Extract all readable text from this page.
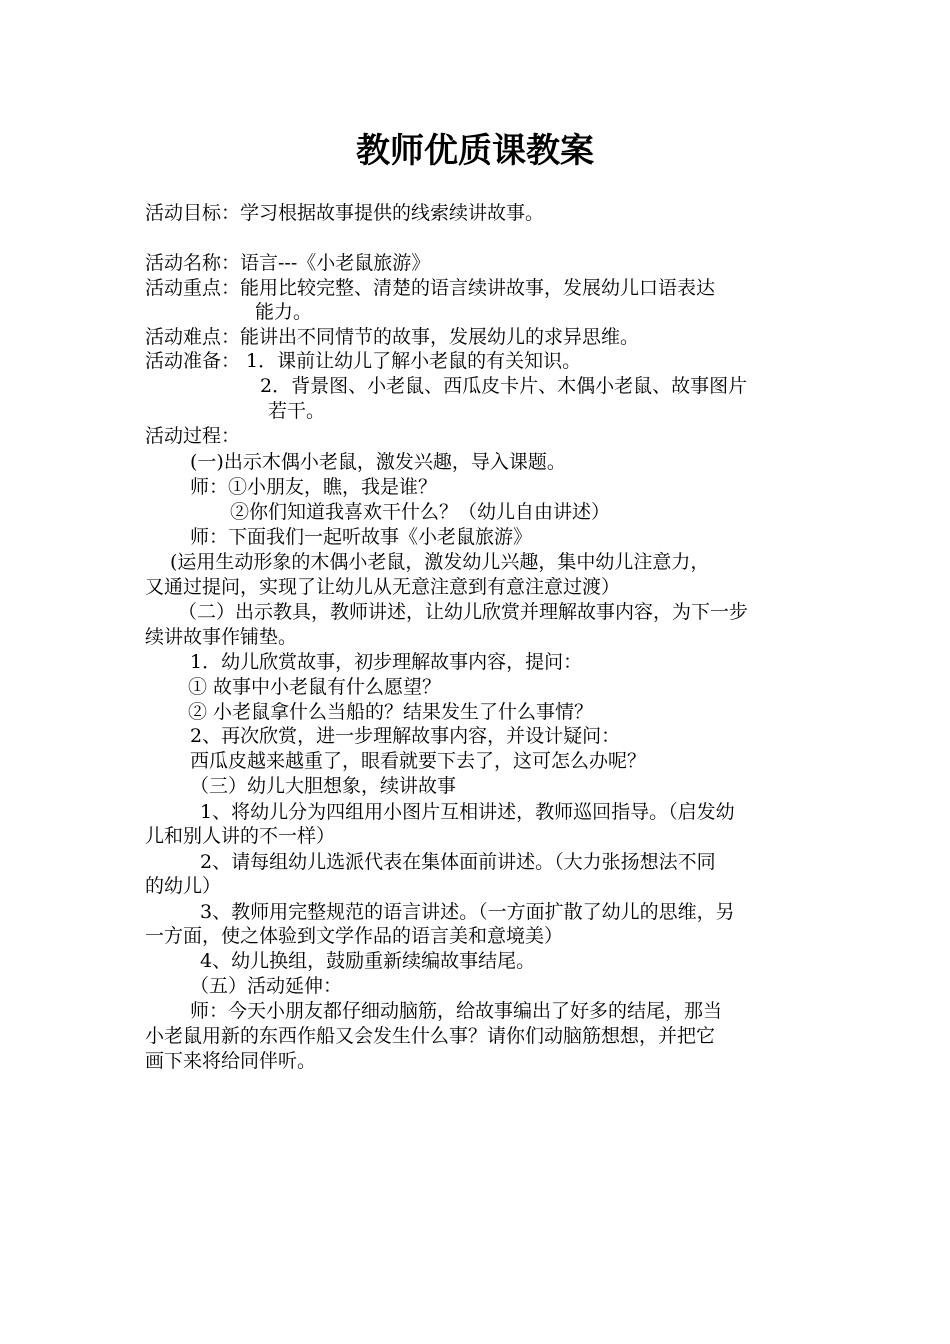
教师优质课教案

活动目标：学习根据故事提供的线索续讲故事。

活动名称：语言---《小老鼠旅游》

活动重点：能用比较完整、清楚的语言续讲故事，发展幼儿口语表达

能力。

活动难点：能讲出不同情节的故事，发展幼儿的求异思维。

活动准备： 1．课前让幼儿了解小老鼠的有关知识。

2．背景图、小老鼠、西瓜皮卡片、木偶小老鼠、故事图片

若干。

活动过程：

(一)出示木偶小老鼠，激发兴趣，导入课题。

师：①小朋友，瞧，我是谁？

②你们知道我喜欢干什么？（幼儿自由讲述）

师：下面我们一起听故事《小老鼠旅游》

(运用生动形象的木偶小老鼠，激发幼儿兴趣，集中幼儿注意力，

又通过提问，实现了让幼儿从无意注意到有意注意过渡）

（二）出示教具，教师讲述，让幼儿欣赏并理解故事内容，为下一步

续讲故事作铺垫。

1．幼儿欣赏故事，初步理解故事内容，提问：

① 故事中小老鼠有什么愿望？

② 小老鼠拿什么当船的？结果发生了什么事情？

2、再次欣赏，进一步理解故事内容，并设计疑问：

西瓜皮越来越重了，眼看就要下去了，这可怎么办呢？

（三）幼儿大胆想象，续讲故事

1、将幼儿分为四组用小图片互相讲述，教师巡回指导。（启发幼

儿和别人讲的不一样）

2、请每组幼儿选派代表在集体面前讲述。（大力张扬想法不同

的幼儿）

3、教师用完整规范的语言讲述。（一方面扩散了幼儿的思维，另

一方面，使之体验到文学作品的语言美和意境美）

4、幼儿换组，鼓励重新续编故事结尾。

（五）活动延伸：

师：今天小朋友都仔细动脑筋，给故事编出了好多的结尾，那当

小老鼠用新的东西作船又会发生什么事？请你们动脑筋想想，并把它

画下来将给同伴听。
